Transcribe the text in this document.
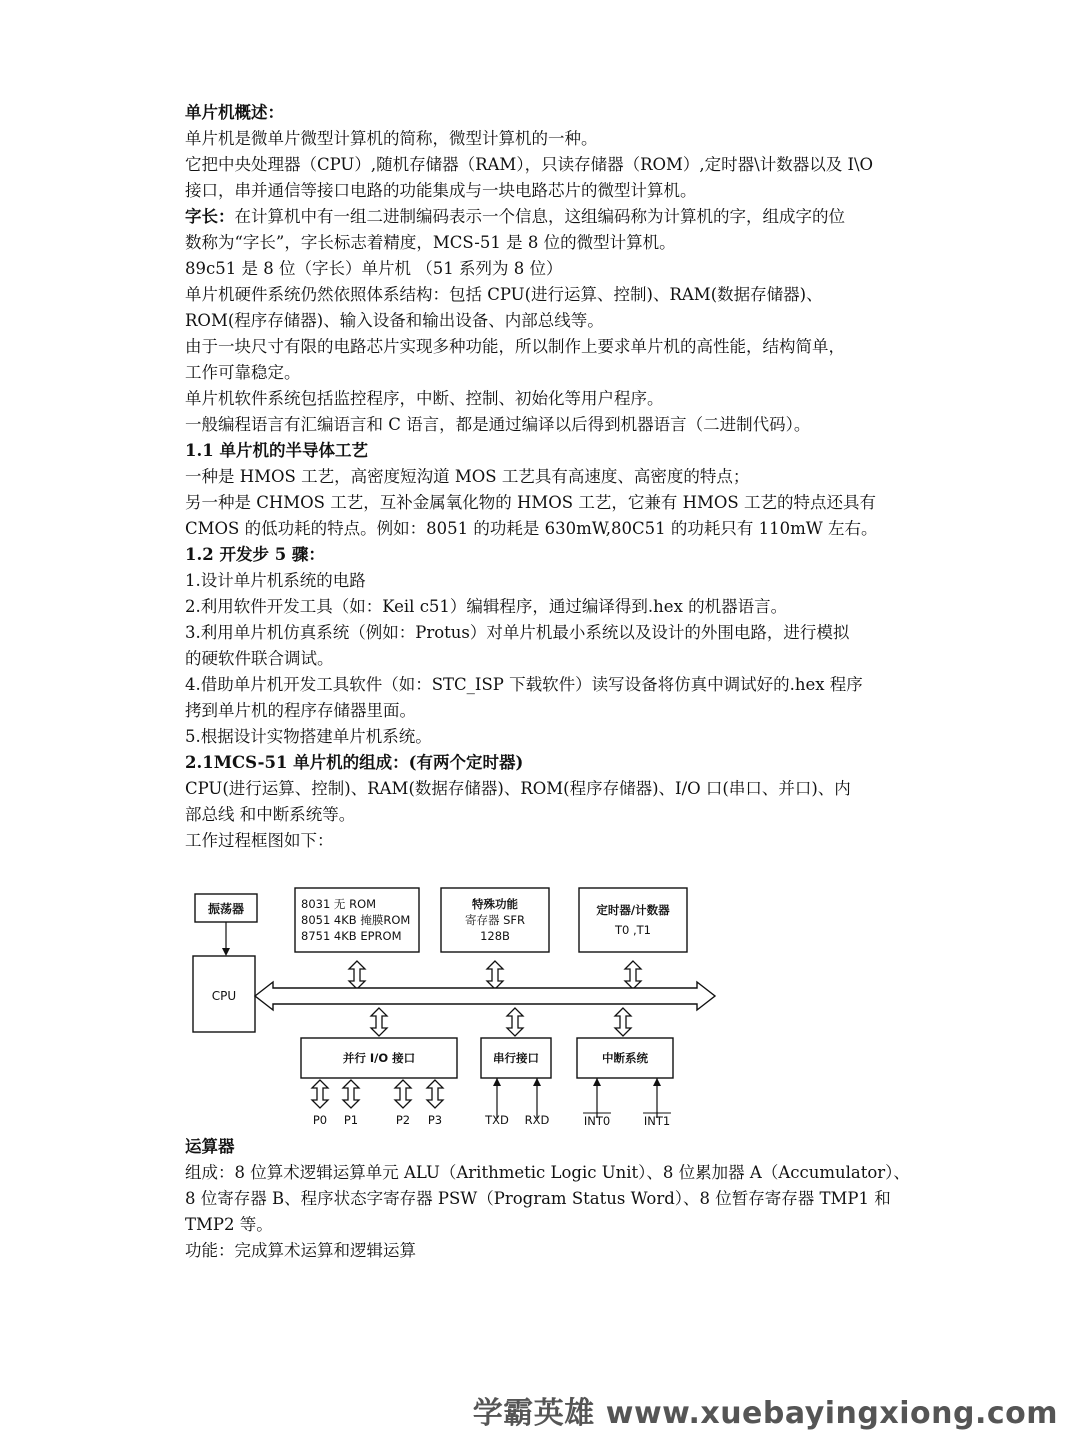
单片机概述：
单片机是微单片微型计算机的简称，微型计算机的一种。
它把中央处理器（CPU）,随机存储器（RAM），只读存储器（ROM）,定时器\计数器以及 I\O
接口，串并通信等接口电路的功能集成与一块电路芯片的微型计算机。
字长：在计算机中有一组二进制编码表示一个信息，这组编码称为计算机的字，组成字的位
数称为“字长”，字长标志着精度，MCS-51 是 8 位的微型计算机。
89c51 是 8 位（字长）单片机 （51 系列为 8 位）
单片机硬件系统仍然依照体系结构：包括 CPU(进行运算、控制)、RAM(数据存储器)、
ROM(程序存储器)、输入设备和输出设备、内部总线等。
由于一块尺寸有限的电路芯片实现多种功能，所以制作上要求单片机的高性能，结构简单，
工作可靠稳定。
单片机软件系统包括监控程序，中断、控制、初始化等用户程序。
一般编程语言有汇编语言和 C 语言，都是通过编译以后得到机器语言（二进制代码）。
1.1 单片机的半导体工艺
一种是 HMOS 工艺，高密度短沟道 MOS 工艺具有高速度、高密度的特点；
另一种是 CHMOS 工艺，互补金属氧化物的 HMOS 工艺，它兼有 HMOS 工艺的特点还具有
CMOS 的低功耗的特点。例如：8051 的功耗是 630mW,80C51 的功耗只有 110mW 左右。
1.2 开发步 5 骤：
1.设计单片机系统的电路
2.利用软件开发工具（如：Keil c51）编辑程序，通过编译得到.hex 的机器语言。
3.利用单片机仿真系统（例如：Protus）对单片机最小系统以及设计的外围电路，进行模拟
的硬软件联合调试。
4.借助单片机开发工具软件（如：STC_ISP 下载软件）读写设备将仿真中调试好的.hex 程序
拷到单片机的程序存储器里面。
5.根据设计实物搭建单片机系统。
2.1MCS-51 单片机的组成：(有两个定时器)
CPU(进行运算、控制)、RAM(数据存储器)、ROM(程序存储器)、I/O 口(串口、并口)、内
部总线 和中断系统等。
工作过程框图如下：
运算器
组成：8 位算术逻辑运算单元 ALU（Arithmetic Logic Unit）、8 位累加器 A（Accumulator）、
8 位寄存器 B、程序状态字寄存器 PSW（Program Status Word）、8 位暂存寄存器 TMP1 和
TMP2 等。
功能：完成算术运算和逻辑运算
振荡器
CPU
8031 无 ROM
8051 4KB 掩膜ROM
8751 4KB EPROM
特殊功能
寄存器 SFR
128B
定时器/计数器
T0 ,T1
并行 I/O 接口	串行接口	中断系统
P0 P1	P2 P3	TXD RXD	INT0	INT1
学霸英雄 www.xuebayingxiong.com
